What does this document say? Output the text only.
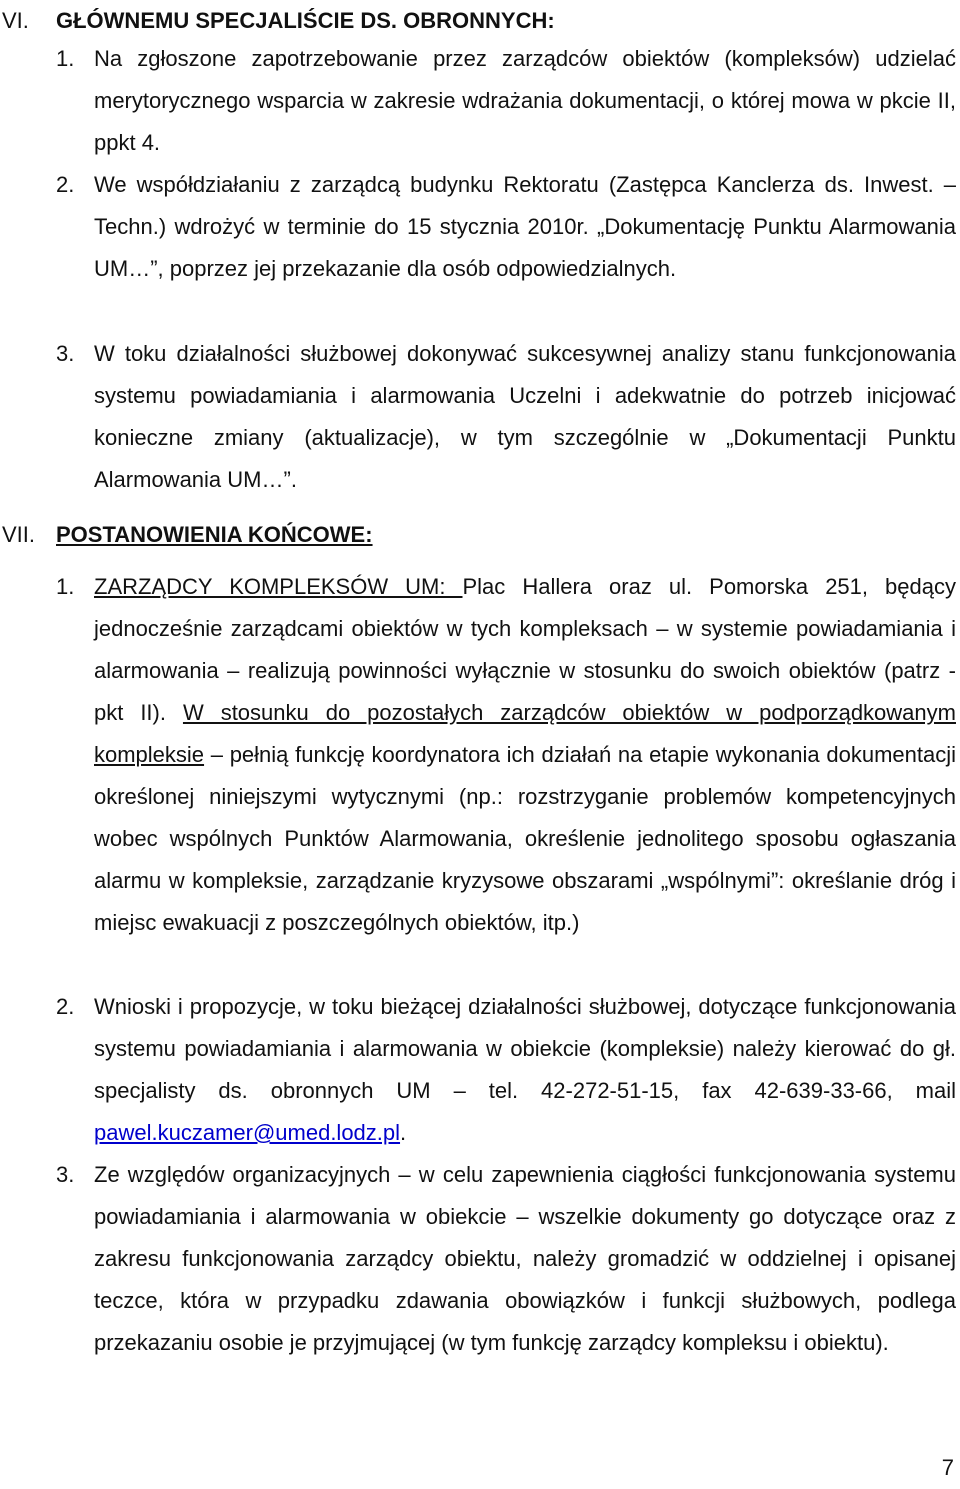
VI. GŁÓWNEMU SPECJALIŚCIE DS. OBRONNYCH:
1. Na zgłoszone zapotrzebowanie przez zarządców obiektów (kompleksów) udzielać merytorycznego wsparcia w zakresie wdrażania dokumentacji, o której mowa w pkcie II, ppkt 4.
2. We współdziałaniu z zarządcą budynku Rektoratu (Zastępca Kanclerza ds. Inwest. – Techn.) wdrożyć w terminie do 15 stycznia 2010r. „Dokumentację Punktu Alarmowania UM…”, poprzez jej przekazanie dla osób odpowiedzialnych.
3. W toku działalności służbowej dokonywać sukcesywnej analizy stanu funkcjonowania systemu powiadamiania i alarmowania Uczelni i adekwatnie do potrzeb inicjować konieczne zmiany (aktualizacje), w tym szczególnie w „Dokumentacji Punktu Alarmowania UM…”.
VII. POSTANOWIENIA KOŃCOWE:
1. ZARZĄDCY KOMPLEKSÓW UM: Plac Hallera oraz ul. Pomorska 251, będący jednocześnie zarządcami obiektów w tych kompleksach – w systemie powiadamiania i alarmowania – realizują powinności wyłącznie w stosunku do swoich obiektów (patrz - pkt II). W stosunku do pozostałych zarządców obiektów w podporządkowanym kompleksie – pełnią funkcję koordynatora ich działań na etapie wykonania dokumentacji określonej niniejszymi wytycznymi (np.: rozstrzyganie problemów kompetencyjnych wobec wspólnych Punktów Alarmowania, określenie jednolitego sposobu ogłaszania alarmu w kompleksie, zarządzanie kryzysowe obszarami „wspólnymi”: określanie dróg i miejsc ewakuacji z poszczególnych obiektów, itp.)
2. Wnioski i propozycje, w toku bieżącej działalności służbowej, dotyczące funkcjonowania systemu powiadamiania i alarmowania w obiekcie (kompleksie) należy kierować do gł. specjalisty ds. obronnych UM – tel. 42-272-51-15, fax 42-639-33-66, mail pawel.kuczamer@umed.lodz.pl.
3. Ze względów organizacyjnych – w celu zapewnienia ciągłości funkcjonowania systemu powiadamiania i alarmowania w obiekcie – wszelkie dokumenty go dotyczące oraz z zakresu funkcjonowania zarządcy obiektu, należy gromadzić w oddzielnej i opisanej teczce, która w przypadku zdawania obowiązków i funkcji służbowych, podlega przekazaniu osobie je przyjmującej (w tym funkcję zarządcy kompleksu i obiektu).
7
